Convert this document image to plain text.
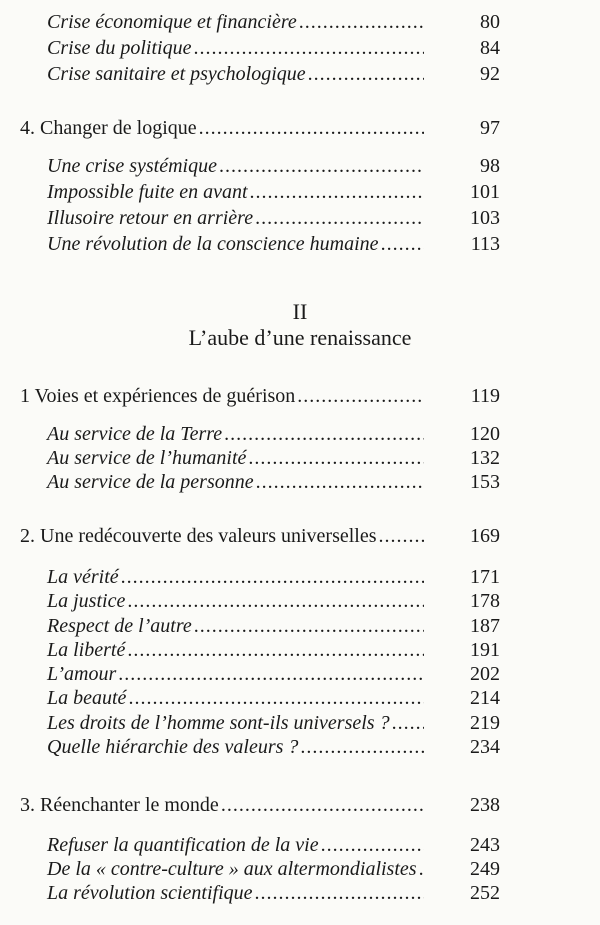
Crise économique et financière .....	80
Crise du politique .....	84
Crise sanitaire et psychologique .....	92
4. Changer de logique .....	97
Une crise systémique .....	98
Impossible fuite en avant .....	101
Illusoire retour en arrière .....	103
Une révolution de la conscience humaine .....	113
II
L’aube d’une renaissance
1 Voies et expériences de guérison .....	119
Au service de la Terre .....	120
Au service de l’humanité .....	132
Au service de la personne .....	153
2. Une redécouverte des valeurs universelles .....	169
La vérité .....	171
La justice .....	178
Respect de l’autre .....	187
La liberté .....	191
L’amour .....	202
La beauté .....	214
Les droits de l’homme sont-ils universels ? .....	219
Quelle hiérarchie des valeurs ? .....	234
3. Réenchanter le monde .....	238
Refuser la quantification de la vie .....	243
De la « contre-culture » aux altermondialistes .....	249
La révolution scientifique .....	252
